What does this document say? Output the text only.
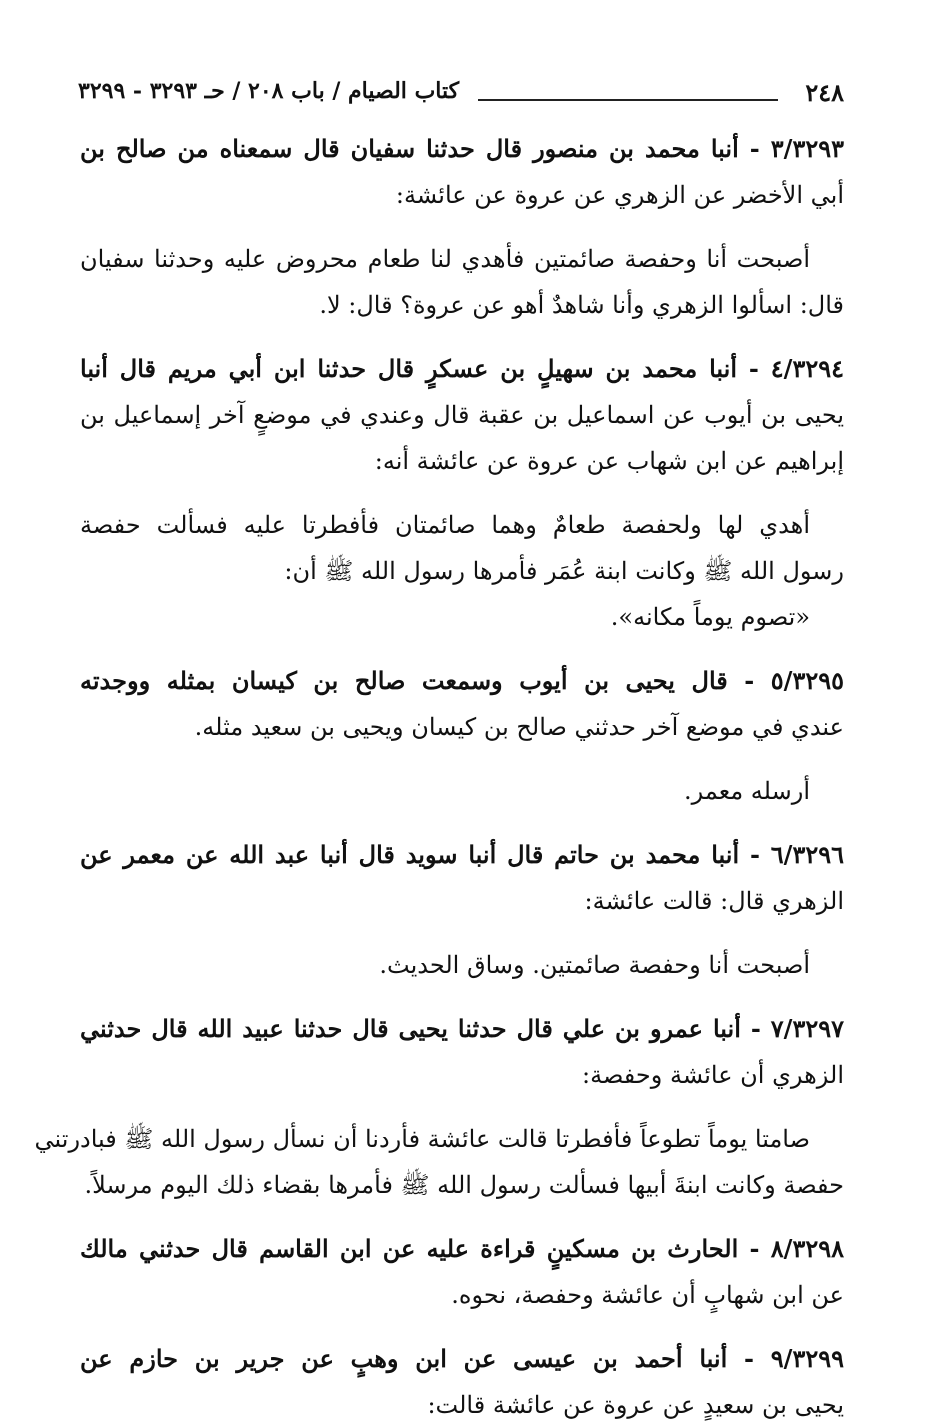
٢٤٨
كتاب الصيام / باب ٢٠٨ / حـ ٣٢٩٣ - ٣٢٩٩
٣/٣٢٩٣ - أنبا محمد بن منصور قال حدثنا سفيان قال سمعناه من صالح بن
أبي الأخضر عن الزهري عن عروة عن عائشة:
أصبحت أنا وحفصة صائمتين فأهدي لنا طعام محروض عليه وحدثنا سفيان
قال: اسألوا الزهري وأنا شاهدٌ أهو عن عروة؟ قال: لا.
٤/٣٢٩٤ - أنبا محمد بن سهيلٍ بن عسكرٍ قال حدثنا ابن أبي مريم قال أنبا
يحيى بن أيوب عن اسماعيل بن عقبة قال وعندي في موضعٍ آخر إسماعيل بن
إبراهيم عن ابن شهاب عن عروة عن عائشة أنه:
أهدي لها ولحفصة طعامٌ وهما صائمتان فأفطرتا عليه فسألت حفصة
رسول الله ﷺ وكانت ابنة عُمَر فأمرها رسول الله ﷺ أن:
«تصوم يوماً مكانه».
٥/٣٢٩٥ - قال يحيى بن أيوب وسمعت صالح بن كيسان بمثله ووجدته
عندي في موضع آخر حدثني صالح بن كيسان ويحيى بن سعيد مثله.
أرسله معمر.
٦/٣٢٩٦ - أنبا محمد بن حاتم قال أنبا سويد قال أنبا عبد الله عن معمر عن
الزهري قال: قالت عائشة:
أصبحت أنا وحفصة صائمتين. وساق الحديث.
٧/٣٢٩٧ - أنبا عمرو بن علي قال حدثنا يحيى قال حدثنا عبيد الله قال حدثني
الزهري أن عائشة وحفصة:
صامتا يوماً تطوعاً فأفطرتا قالت عائشة فأردنا أن نسأل رسول الله ﷺ فبادرتني
حفصة وكانت ابنةَ أبيها فسألت رسول الله ﷺ فأمرها بقضاء ذلك اليوم مرسلاً.
٨/٣٢٩٨ - الحارث بن مسكينٍ قراءة عليه عن ابن القاسم قال حدثني مالك
عن ابن شهابٍ أن عائشة وحفصة، نحوه.
٩/٣٢٩٩ - أنبا أحمد بن عيسى عن ابن وهبٍ عن جرير بن حازم عن
يحيى بن سعيدٍ عن عروة عن عائشة قالت:
